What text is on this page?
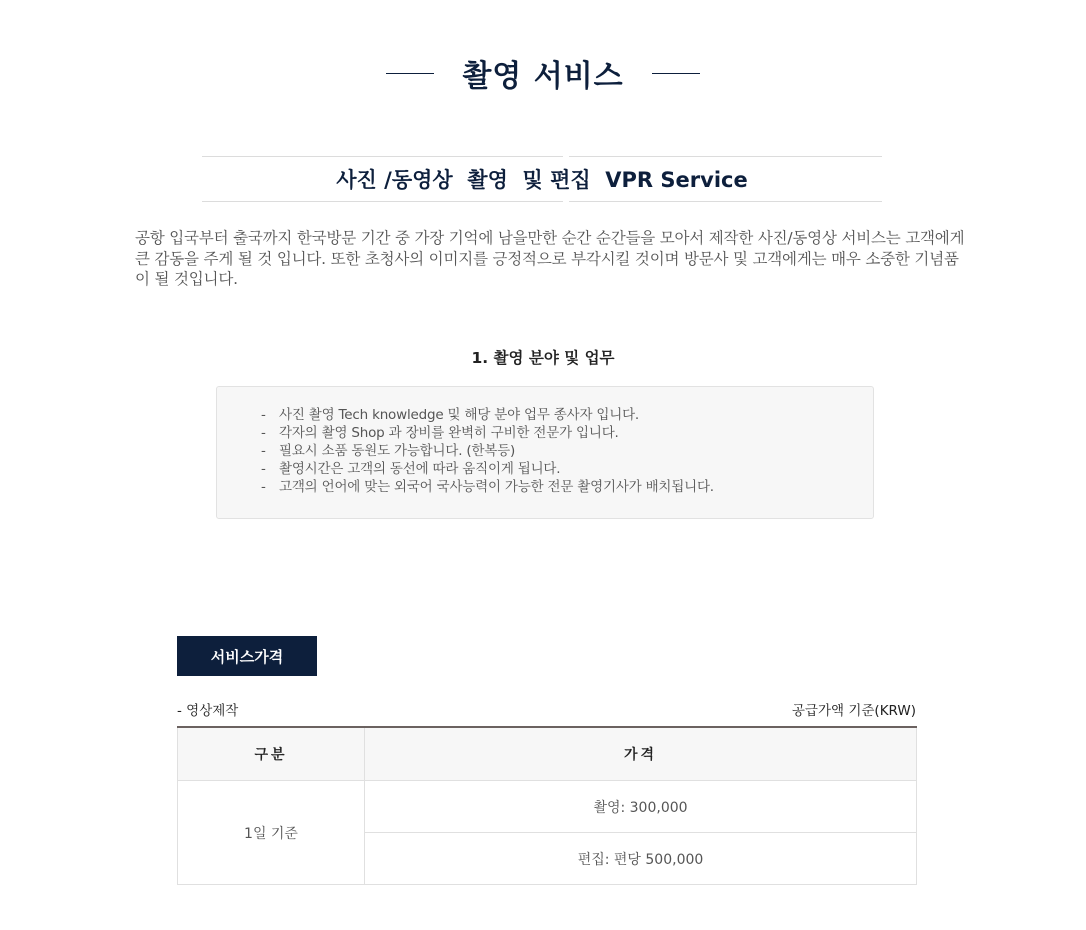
촬영 서비스
사진 /동영상  촬영  및 편집  VPR Service

공항 입국부터 출국까지 한국방문 기간 중 가장 기억에 남을만한 순간 순간들을 모아서 제작한 사진/동영상 서비스는 고객에게 큰 감동을 주게 될 것 입니다. 또한 초청사의 이미지를 긍정적으로 부각시킬 것이며 방문사 및 고객에게는 매우 소중한 기념품이 될 것입니다.

1. 촬영 분야 및 업무
- 사진 촬영 Tech knowledge 및 해당 분야 업무 종사자 입니다.
- 각자의 촬영 Shop 과 장비를 완벽히 구비한 전문가 입니다.
- 필요시 소품 동원도 가능합니다. (한복등)
- 촬영시간은 고객의 동선에 따라 움직이게 됩니다.
- 고객의 언어에 맞는 외국어 국사능력이 가능한 전문 촬영기사가 배치됩니다.
서비스가격
- 영상제작	공급가액 기준(KRW)
구분	가격
1일 기준	촬영: 300,000
	편집: 편당 500,000
